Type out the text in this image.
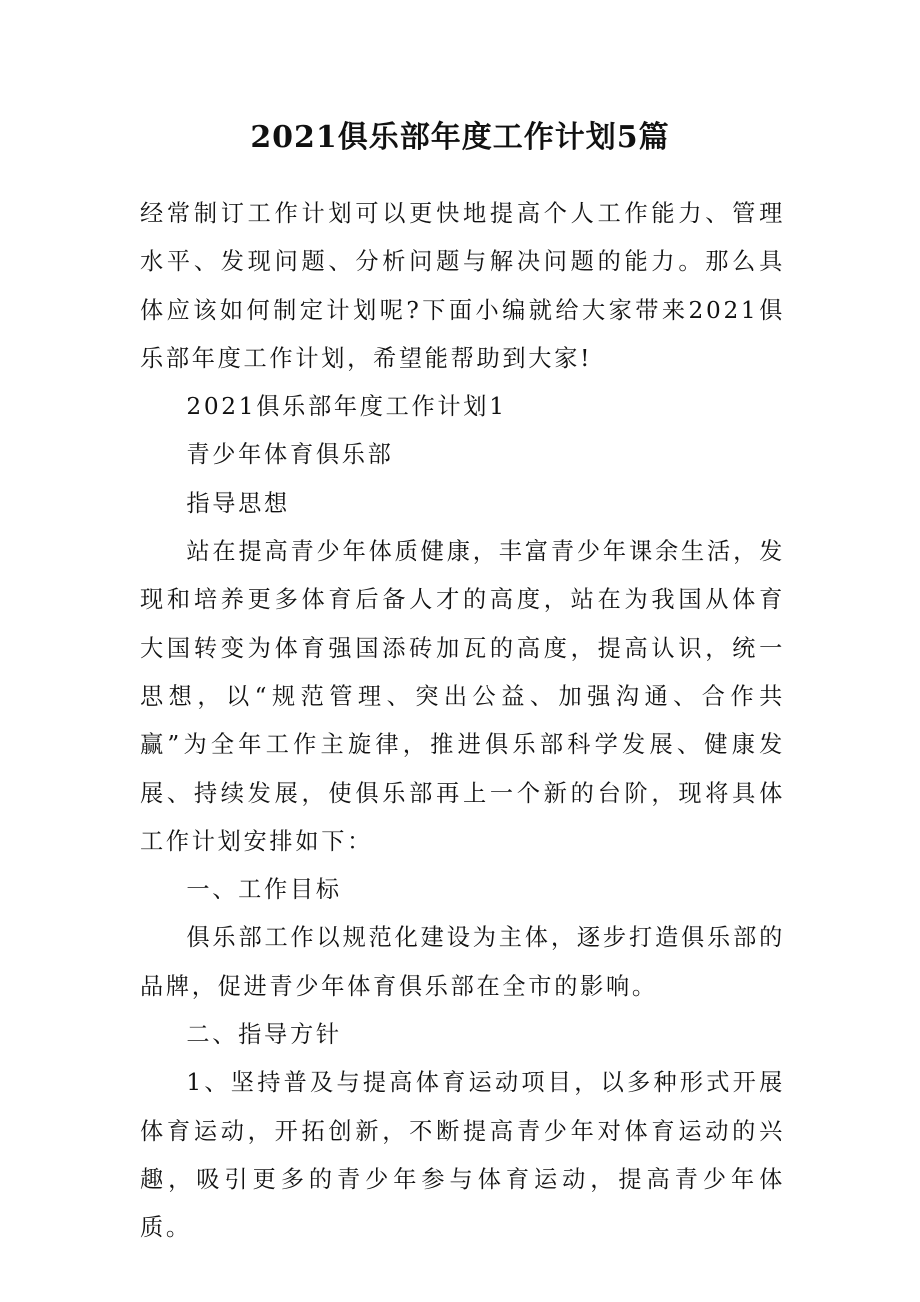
2021俱乐部年度工作计划5篇

经常制订工作计划可以更快地提高个人工作能力、管理水平、发现问题、分析问题与解决问题的能力。那么具体应该如何制定计划呢?下面小编就给大家带来2021俱乐部年度工作计划，希望能帮助到大家!

2021俱乐部年度工作计划1

青少年体育俱乐部

指导思想

站在提高青少年体质健康，丰富青少年课余生活，发现和培养更多体育后备人才的高度，站在为我国从体育大国转变为体育强国添砖加瓦的高度，提高认识，统一思想，以“规范管理、突出公益、加强沟通、合作共赢”为全年工作主旋律，推进俱乐部科学发展、健康发展、持续发展，使俱乐部再上一个新的台阶，现将具体工作计划安排如下：

一、工作目标

俱乐部工作以规范化建设为主体，逐步打造俱乐部的品牌，促进青少年体育俱乐部在全市的影响。

二、指导方针

1、坚持普及与提高体育运动项目，以多种形式开展体育运动，开拓创新，不断提高青少年对体育运动的兴趣，吸引更多的青少年参与体育运动，提高青少年体质。
